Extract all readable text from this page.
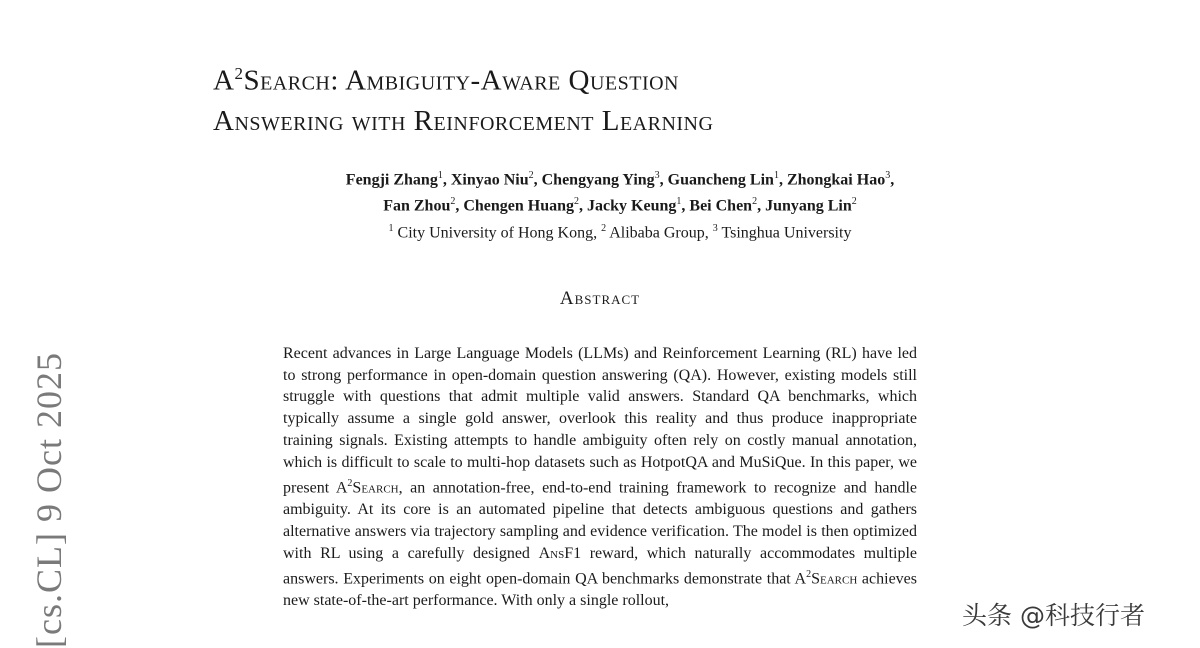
[cs.CL] 9 Oct 2025
$A^2Search$: Ambiguity-Aware Question
Answering with Reinforcement Learning
Fengji Zhang$^1$, Xinyao Niu$^2$, Chengyang Ying$^3$, Guancheng Lin$^1$, Zhongkai Hao$^3$,
Fan Zhou$^2$, Chengen Huang$^2$, Jacky Keung$^1$, Bei Chen$^2$, Junyang Lin$^2$
$^1$ City University of Hong Kong, $^2$ Alibaba Group, $^3$ Tsinghua University
Abstract
Recent advances in Large Language Models (LLMs) and Reinforcement Learning (RL) have led to strong performance in open-domain question answering (QA). However, existing models still struggle with questions that admit multiple valid answers. Standard QA benchmarks, which typically assume a single gold answer, overlook this reality and thus produce inappropriate training signals. Existing attempts to handle ambiguity often rely on costly manual annotation, which is difficult to scale to multi-hop datasets such as HotpotQA and MuSiQue. In this paper, we present $A^2Search$, an annotation-free, end-to-end training framework to recognize and handle ambiguity. At its core is an automated pipeline that detects ambiguous questions and gathers alternative answers via trajectory sampling and evidence verification. The model is then optimized with RL using a carefully designed AnsF1 reward, which naturally accommodates multiple answers. Experiments on eight open-domain QA benchmarks demonstrate that $A^2Search$ achieves new state-of-the-art performance. With only a single rollout,
头条 @科技行者
